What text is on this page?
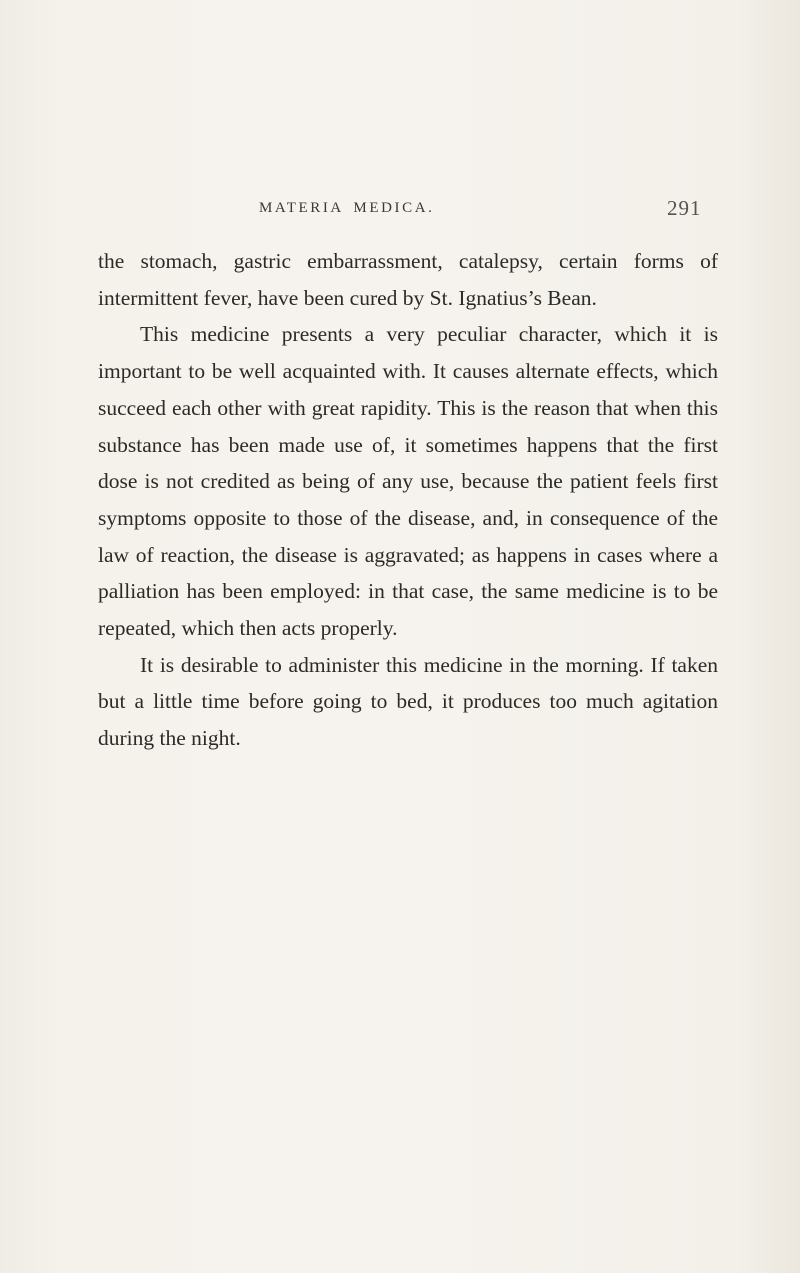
MATERIA MEDICA.	291

the stomach, gastric embarrassment, catalepsy, certain forms of intermittent fever, have been cured by St. Ignatius’s Bean.

This medicine presents a very peculiar character, which it is important to be well acquainted with. It causes alternate effects, which succeed each other with great rapidity. This is the reason that when this substance has been made use of, it sometimes happens that the first dose is not credited as being of any use, because the patient feels first symptoms opposite to those of the disease, and, in consequence of the law of reaction, the disease is aggravated; as happens in cases where a palliation has been employed: in that case, the same medicine is to be repeated, which then acts properly.

It is desirable to administer this medicine in the morning. If taken but a little time before going to bed, it produces too much agitation during the night.
